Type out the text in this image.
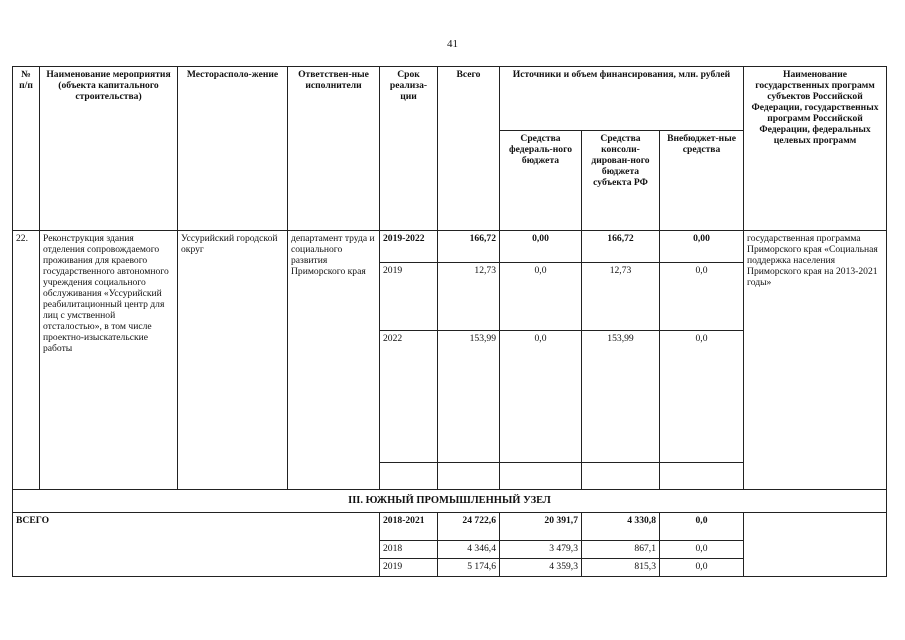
41
№ п/п	Наименование мероприятия (объекта капитального строительства)	Месторасполо-жение	Ответствен-ные исполнители	Срок реализа-ции	Всего	Источники и объем финансирования, млн. рублей			Наименование государственных программ субъектов Российской Федерации, государственных программ Российской Федерации, федеральных целевых программ
						Средства федераль-ного бюджета	Средства консоли-дирован-ного бюджета субъекта РФ	Внебюджет-ные средства	
22.	Реконструкция здания отделения сопровождаемого проживания для краевого государственного автономного учреждения социального обслуживания «Уссурийский реабилитационный центр для лиц с умственной отсталостью», в том числе проектно-изыскательские работы	Уссурийский городской округ	департамент труда и социального развития Приморского края	2019-2022	166,72	0,00	166,72	0,00	государственная программа Приморского края «Социальная поддержка населения Приморского края на 2013-2021 годы»
				2019	12,73	0,0	12,73	0,0	
				2022	153,99	0,0	153,99	0,0	

III. ЮЖНЫЙ ПРОМЫШЛЕННЫЙ УЗЕЛ									
ВСЕГО				2018-2021	24 722,6	20 391,7	4 330,8	0,0	
				2018	4 346,4	3 479,3	867,1	0,0	
				2019	5 174,6	4 359,3	815,3	0,0	
